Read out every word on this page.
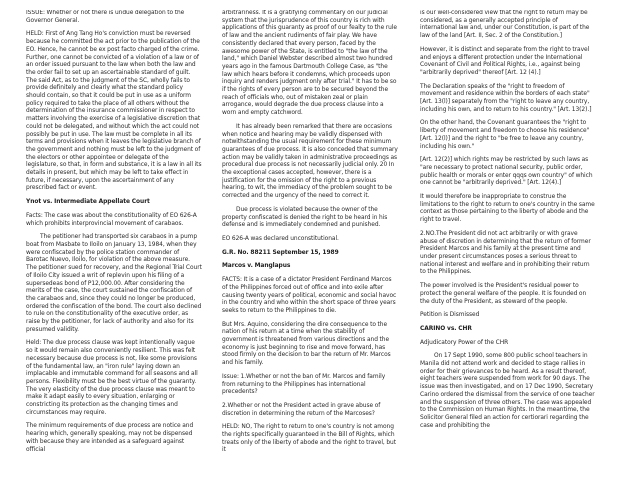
ISSUE: Whether or not there is undue delegation to the Governor General.

HELD: First of Ang Tang Ho's conviction must be reversed because he committed the act prior to the publication of the EO. Hence, he cannot be ex post facto charged of the crime. Further, one cannot be convicted of a violation of a law or of an order issued pursuant to the law when both the law and the order fail to set up an ascertainable standard of guilt. The said Act, as to the judgment of the SC, wholly fails to provide definitely and clearly what the standard policy should contain, so that it could be put in use as a uniform policy required to take the place of all others without the determination of the insurance commissioner in respect to matters involving the exercise of a legislative discretion that could not be delegated, and without which the act could not possibly be put in use. The law must be complete in all its terms and provisions when it leaves the legislative branch of the government and nothing must be left to the judgment of the electors or other appointee or delegate of the legislature, so that, in form and substance, it is a law in all its details in present, but which may be left to take effect in future, if necessary, upon the ascertainment of any prescribed fact or event.

Ynot vs. Intermediate Appellate Court

Facts: The case was about the constitutionality of EO 626-A which prohibits interprovincial movement of carabaos.

The petitioner had transported six carabaos in a pump boat from Masbate to Iloilo on January 13, 1984, when they were confiscated by the police station commander of Barotac Nuevo, Iloilo, for violation of the above measure. The petitioner sued for recovery, and the Regional Trial Court of Iloilo City issued a writ of replevin upon his filing of a supersedeas bond of P12,000.00. After considering the merits of the case, the court sustained the confiscation of the carabaos and, since they could no longer be produced, ordered the confiscation of the bond. The court also declined to rule on the constitutionality of the executive order, as raise by the petitioner, for lack of authority and also for its presumed validity.

Held: The due process clause was kept intentionally vague so it would remain also conveniently resilient. This was felt necessary because due process is not, like some provisions of the fundamental law, an "iron rule" laying down an implacable and immutable command for all seasons and all persons. Flexibility must be the best virtue of the guaranty. The very elasticity of the due process clause was meant to make it adapt easily to every situation, enlarging or constricting its protection as the changing times and circumstances may require.

The minimum requirements of due process are notice and hearing which, generally speaking, may not be dispensed with because they are intended as a safeguard against official

arbitrariness. It is a gratifying commentary on our judicial system that the jurisprudence of this country is rich with applications of this guaranty as proof of our fealty to the rule of law and the ancient rudiments of fair play. We have consistently declared that every person, faced by the awesome power of the State, is entitled to "the law of the land," which Daniel Webster described almost two hundred years ago in the famous Dartmouth College Case, as "the law which hears before it condemns, which proceeds upon inquiry and renders judgment only after trial." It has to be so if the rights of every person are to be secured beyond the reach of officials who, out of mistaken zeal or plain arrogance, would degrade the due process clause into a worn and empty catchword.

It has already been remarked that there are occasions when notice and hearing may be validly dispensed with notwithstanding the usual requirement for these minimum guarantees of due process. It is also conceded that summary action may be validly taken in administrative proceedings as procedural due process is not necessarily judicial only. 20 In the exceptional cases accepted, however, there is a justification for the omission of the right to a previous hearing, to wit, the immediacy of the problem sought to be corrected and the urgency of the need to correct it.

Due process is violated because the owner of the property confiscated is denied the right to be heard in his defense and is immediately condemned and punished.

EO 626-A was declared unconstitutional.

G.R. No. 88211 September 15, 1989

Marcos v. Manglapus

FACTS: It is a case of a dictator President Ferdinand Marcos of the Philippines forced out of office and into exile after causing twenty years of political, economic and social havoc in the country and who within the short space of three years seeks to return to the Philippines to die.

But Mrs. Aquino, considering the dire consequence to the nation of his return at a time when the stability of government is threatened from various directions and the economy is just beginning to rise and move forward, has stood firmly on the decision to bar the return of Mr. Marcos and his family.

Issue: 1.Whether or not the ban of Mr. Marcos and family from returning to the Philippines has international precedents?

2.Whether or not the President acted in grave abuse of discretion in determining the return of the Marcoses?

HELD: NO, The right to return to one's country is not among the rights specifically guaranteed in the Bill of Rights, which treats only of the liberty of abode and the right to travel, but it

is our well-considered view that the right to return may be considered, as a generally accepted principle of international law and, under our Constitution, is part of the law of the land [Art. II, Sec. 2 of the Constitution.]

However, it is distinct and separate from the right to travel and enjoys a different protection under the International Covenant of Civil and Political Rights, i.e., against being "arbitrarily deprived" thereof [Art. 12 (4).]

The Declaration speaks of the "right to freedom of movement and residence within the borders of each state" [Art. 13(l)] separately from the "right to leave any country, including his own, and to return to his country." [Art. 13(2).]

On the other hand, the Covenant guarantees the "right to liberty of movement and freedom to choose his residence" [Art. 12(l)] and the right to "be free to leave any country, including his own."

[Art. 12(2)] which rights may be restricted by such laws as "are necessary to protect national security, public order, public health or morals or enter qqqs own country" of which one cannot be "arbitrarily deprived." [Art. 12(4).]

It would therefore be inappropriate to construe the limitations to the right to return to one's country in the same context as those pertaining to the liberty of abode and the right to travel.

2.NO.The President did not act arbitrarily or with grave abuse of discretion in determining that the return of former President Marcos and his family at the present time and under present circumstances poses a serious threat to national interest and welfare and in prohibiting their return to the Philippines.

The power involved is the President's residual power to protect the general welfare of the people. It is founded on the duty of the President, as steward of the people.

Petition is Dismissed

CARINO vs. CHR

Adjudicatory Power of the CHR

On 17 Sept 1990, some 800 public school teachers in Manila did not attend work and decided to stage rallies in order for their grievances to be heard. As a result thereof, eight teachers were suspended from work for 90 days. The issue was then investigated, and on 17 Dec 1990, Secretary Carino ordered the dismissal from the service of one teacher and the suspension of three others. The case was appealed to the Commission on Human Rights. In the meantime, the Solicitor General filed an action for certiorari regarding the case and prohibiting the
